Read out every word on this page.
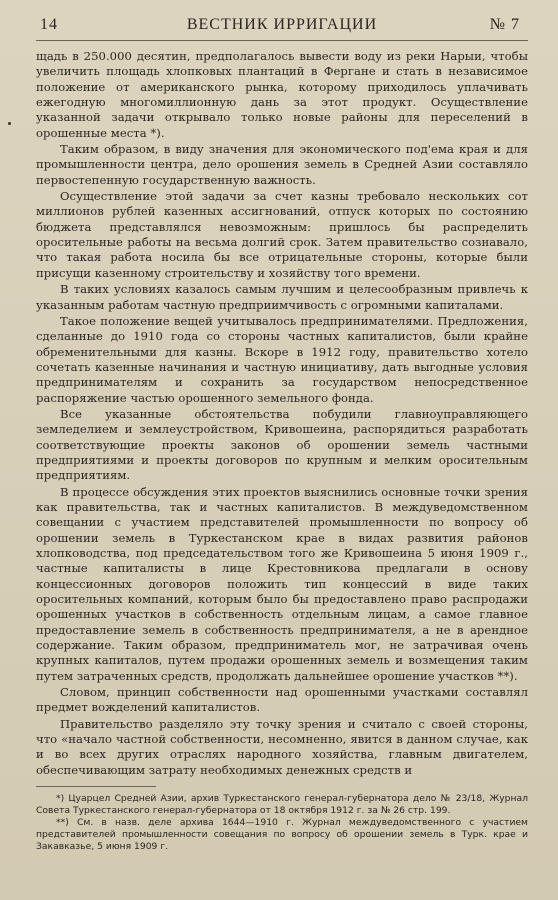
14	ВЕСТНИК ИРРИГАЦИИ	№ 7

щадь в 250.000 десятин, предполагалось вывести воду из реки Нарыи, чтобы увеличить площадь хлопковых плантаций в Фергане и стать в независимое положение от американского рынка, которому приходилось уплачивать ежегодную многомиллионную дань за этот продукт. Осуществление указанной задачи открывало только новые районы для переселений в орошенные места *).

Таким образом, в виду значения для экономического под'ема края и для промышленности центра, дело орошения земель в Средней Азии составляло первостепенную государственную важность.

Осуществление этой задачи за счет казны требовало нескольких сот миллионов рублей казенных ассигнований, отпуск которых по состоянию бюджета представлялся невозможным: пришлось бы распределить оросительные работы на весьма долгий срок. Затем правительство сознавало, что такая работа носила бы все отрицательные стороны, которые были присущи казенному строительству и хозяйству того времени.

В таких условиях казалось самым лучшим и целесообразным привлечь к указанным работам частную предприимчивость с огромными капиталами.

Такое положение вещей учитывалось предпринимателями. Предложения, сделанные до 1910 года со стороны частных капиталистов, были крайне обременительными для казны. Вскоре в 1912 году, правительство хотело сочетать казенные начинания и частную инициативу, дать выгодные условия предпринимателям и сохранить за государством непосредственное распоряжение частью орошенного земельного фонда.

Все указанные обстоятельства побудили главноуправляющего земледелием и землеустройством, Кривошеина, распорядиться разработать соответствующие проекты законов об орошении земель частными предприятиями и проекты договоров по крупным и мелким оросительным предприятиям.

В процессе обсуждения этих проектов выяснились основные точки зрения как правительства, так и частных капиталистов. В междуведомственном совещании с участием представителей промышленности по вопросу об орошении земель в Туркестанском крае в видах развития районов хлопководства, под председательством того же Кривошеина 5 июня 1909 г., частные капиталисты в лице Крестовникова предлагали в основу концессионных договоров положить тип концессий в виде таких оросительных компаний, которым было бы предоставлено право распродажи орошенных участков в собственность отдельным лицам, а самое главное предоставление земель в собственность предпринимателя, а не в арендное содержание. Таким образом, предприниматель мог, не затрачивая очень крупных капиталов, путем продажи орошенных земель и возмещения таким путем затраченных средств, продолжать дальнейшее орошение участков **).

Словом, принцип собственности над орошенными участками составлял предмет вожделений капиталистов.

Правительство разделяло эту точку зрения и считало с своей стороны, что «начало частной собственности, несомненно, явится в данном случае, как и во всех других отраслях народного хозяйства, главным двигателем, обеспечивающим затрату необходимых денежных средств и

*) Цуарцел Средней Азии, архив Туркестанского генерал-губернатора дело № 23/18, Журнал Совета Туркестанского генерал-губернатора от 18 октября 1912 г. за № 26 стр. 199.

**) См. в назв. деле архива 1644—1910 г. Журнал междуведомственного с участием представителей промышленности совещания по вопросу об орошении земель в Турк. крае и Закавказье, 5 июня 1909 г.
